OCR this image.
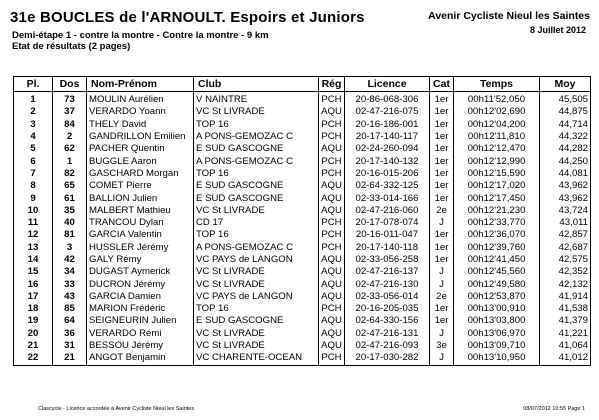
31e BOUCLES de l'ARNOULT. Espoirs et Juniors	Avenir Cycliste Nieul les Saintes
8 Juillet 2012
Demi-étape 1 - contre la montre - Contre la montre - 9 km
Etat de résultats (2 pages)
Pl.	Dos	Nom-Prénom	Club	Rég	Licence	Cat	Temps	Moy
1	73	MOULIN Aurélien	V NAINTRE	PCH	20-86-068-306	1er	00h11'52,050	45,505
2	37	VERARDO Yoann	VC St LIVRADE	AQU	02-47-216-075	1er	00h12'02,690	44,875
3	84	THELY David	TOP 16	PCH	20-16-186-001	1er	00h12'04,200	44,714
4	2	GANDRILLON Emilien	A PONS-GEMOZAC C	PCH	20-17-140-117	1er	00h12'11,810	44,322
5	62	PACHER Quentin	E SUD GASCOGNE	AQU	02-24-260-094	1er	00h12'12,470	44,282
6	1	BUGGLE Aaron	A PONS-GEMOZAC C	PCH	20-17-140-132	1er	00h12'12,990	44,250
7	82	GASCHARD Morgan	TOP 16	PCH	20-16-015-206	1er	00h12'15,590	44,081
8	65	COMET Pierre	E SUD GASCOGNE	AQU	02-64-332-125	1er	00h12'17,020	43,962
9	61	BALLION Julien	E SUD GASCOGNE	AQU	02-33-014-166	1er	00h12'17,450	43,962
10	35	MALBERT Mathieu	VC St LIVRADE	AQU	02-47-216-060	2e	00h12'21,230	43,724
11	40	TRANCOU Dylan	CD 17	PCH	20-17-078-074	J	00h12'33,770	43,011
12	81	GARCIA Valentin	TOP 16	PCH	20-16-011-047	1er	00h12'36,070	42,857
13	3	HUSSLER Jérémy	A PONS-GEMOZAC C	PCH	20-17-140-118	1er	00h12'39,760	42,687
14	42	GALY Rémy	VC PAYS de LANGON	AQU	02-33-056-258	1er	00h12'41,450	42,575
15	34	DUGAST Aymerick	VC St LIVRADE	AQU	02-47-216-137	J	00h12'45,560	42,352
16	33	DUCRON Jérémy	VC St LIVRADE	AQU	02-47-216-130	J	00h12'49,580	42,132
17	43	GARCIA Damien	VC PAYS de LANGON	AQU	02-33-056-014	2e	00h12'53,870	41,914
18	85	MARION Frédéric	TOP 16	PCH	20-16-205-035	1er	00h13'00,910	41,538
19	64	SEIGNEURIN Julien	E SUD GASCOGNE	AQU	02-64-330-156	1er	00h13'03,800	41,379
20	36	VERARDO Rémi	VC St LIVRADE	AQU	02-47-216-131	J	00h13'06,970	41,221
21	31	BESSOU Jérémy	VC St LIVRADE	AQU	02-47-216-093	3e	00h13'09,710	41,064
22	21	ANGOT Benjamin	VC CHARENTE-OCEAN	PCH	20-17-030-282	J	00h13'10,950	41,012
Clascycle - Licence accordée à Avenir Cycliste Nieul les Saintes	08/07/2012 10:55 Page 1
